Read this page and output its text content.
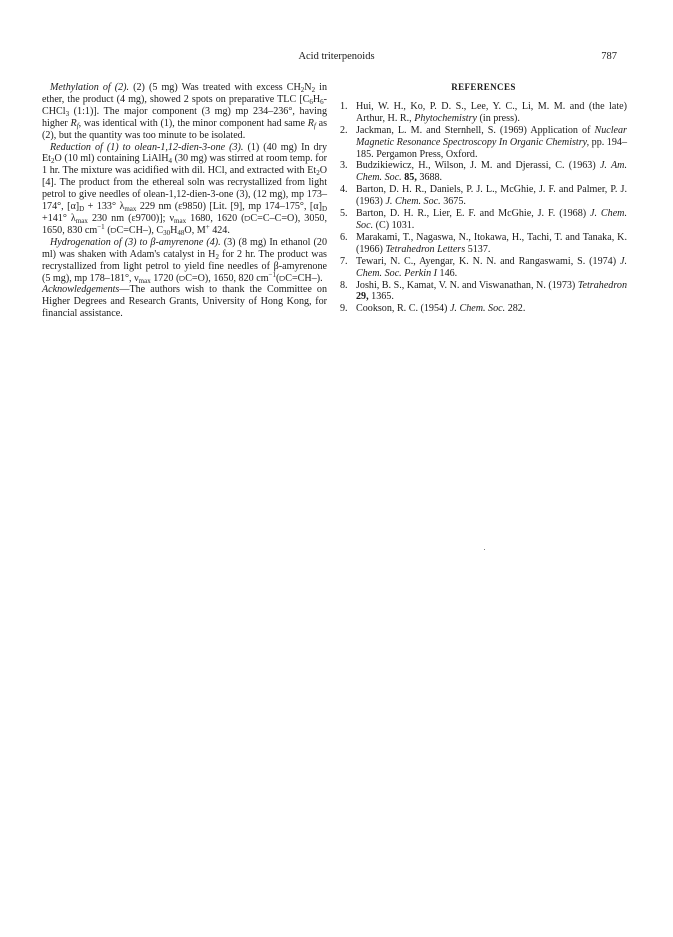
Acid triterpenoids	787

Methylation of (2). (2) (5 mg) Was treated with excess $CH_2N_2$ in ether, the product (4 mg), showed 2 spots on preparative TLC [$C_6H_6-CHCl_3$ (1:1)]. The major component (3 mg) mp 234–236°, having higher $R_f$, was identical with (1), the minor component had same $R_f$ as (2), but the quantity was too minute to be isolated.

Reduction of (1) to olean-1,12-dien-3-one (3). (1) (40 mg) In dry $Et_2O$ (10 ml) containing LiAlH$_4$ (30 mg) was stirred at room temp. for 1 hr. The mixture was acidified with dil. HCl, and extracted with $Et_2O$ [4]. The product from the ethereal soln was recrystallized from light petrol to give needles of olean-1,12-dien-3-one (3), (12 mg), mp 173–174°, $[\alpha]_D + 133^\circ$ $\lambda_{max}$ 229 nm (ε9850) [Lit. [9], mp 174–175°, $[\alpha]_D +141^\circ$ $\lambda_{max}$ 230 nm (ε9700)]; $\nu_{max}$ 1680, 1620 (⫐C=C–C=O), 3050, 1650, 830 $cm^{-1}$ (⫐C=CH–), $C_{30}H_{48}O$, M+ 424.

Hydrogenation of (3) to β-amyrenone (4). (3) (8 mg) In ethanol (20 ml) was shaken with Adam's catalyst in $H_2$ for 2 hr. The product was recrystallized from light petrol to yield fine needles of β-amyrenone (5 mg), mp 178–181°, $\nu_{max}$ 1720 (⫐C=O), 1650, 820 $cm^{-1}(⫐C=CH-)$.

Acknowledgements—The authors wish to thank the Committee on Higher Degrees and Research Grants, University of Hong Kong, for financial assistance.

REFERENCES
1. Hui, W. H., Ko, P. D. S., Lee, Y. C., Li, M. M. and (the late) Arthur, H. R., Phytochemistry (in press).
2. Jackman, L. M. and Sternhell, S. (1969) Application of Nuclear Magnetic Resonance Spectroscopy In Organic Chemistry, pp. 194–185. Pergamon Press, Oxford.
3. Budzikiewicz, H., Wilson, J. M. and Djerassi, C. (1963) J. Am. Chem. Soc. 85, 3688.
4. Barton, D. H. R., Daniels, P. J. L., McGhie, J. F. and Palmer, P. J. (1963) J. Chem. Soc. 3675.
5. Barton, D. H. R., Lier, E. F. and McGhie, J. F. (1968) J. Chem. Soc. (C) 1031.
6. Marakami, T., Nagaswa, N., Itokawa, H., Tachi, T. and Tanaka, K. (1966) Tetrahedron Letters 5137.
7. Tewari, N. C., Ayengar, K. N. N. and Rangaswami, S. (1974) J. Chem. Soc. Perkin I 146.
8. Joshi, B. S., Kamat, V. N. and Viswanathan, N. (1973) Tetrahedron 29, 1365.
9. Cookson, R. C. (1954) J. Chem. Soc. 282.
